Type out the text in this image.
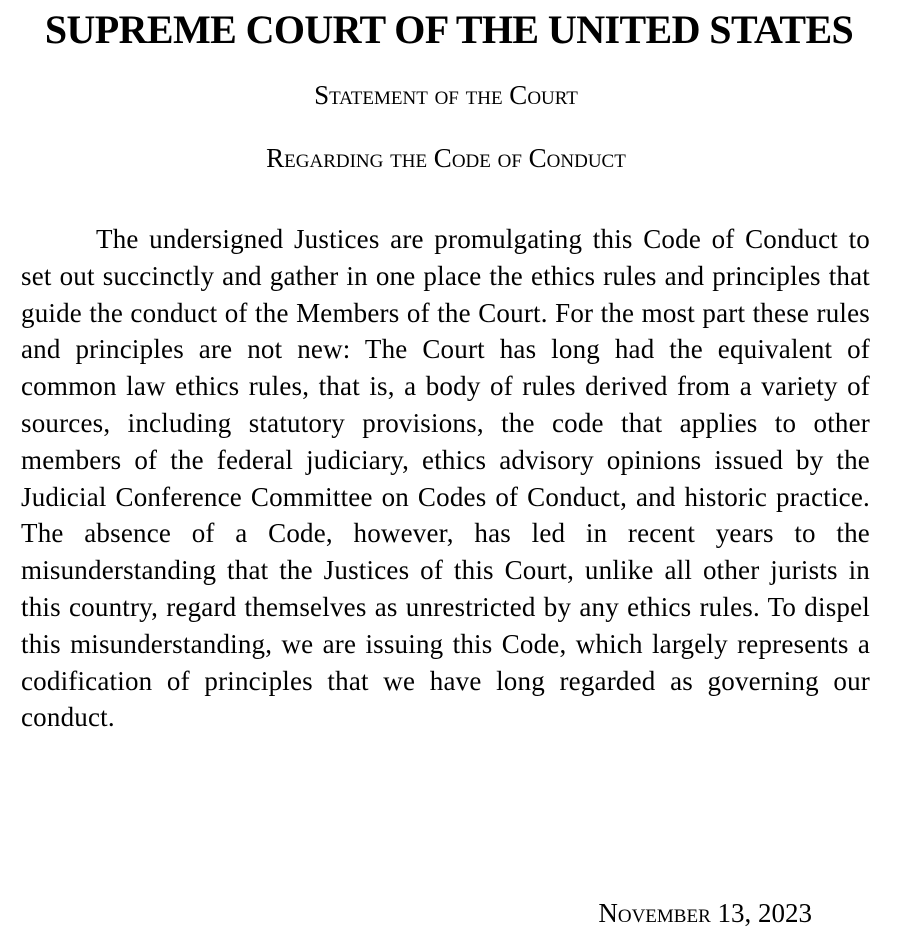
SUPREME COURT OF THE UNITED STATES
Statement of the Court
Regarding the Code of Conduct

The undersigned Justices are promulgating this Code of Conduct to set out succinctly and gather in one place the ethics rules and principles that guide the conduct of the Members of the Court. For the most part these rules and principles are not new: The Court has long had the equivalent of common law ethics rules, that is, a body of rules derived from a variety of sources, including statutory provisions, the code that applies to other members of the federal judiciary, ethics advisory opinions issued by the Judicial Conference Committee on Codes of Conduct, and historic practice. The absence of a Code, however, has led in recent years to the misunderstanding that the Justices of this Court, unlike all other jurists in this country, regard themselves as unrestricted by any ethics rules. To dispel this misunderstanding, we are issuing this Code, which largely represents a codification of principles that we have long regarded as governing our conduct.

November 13, 2023
